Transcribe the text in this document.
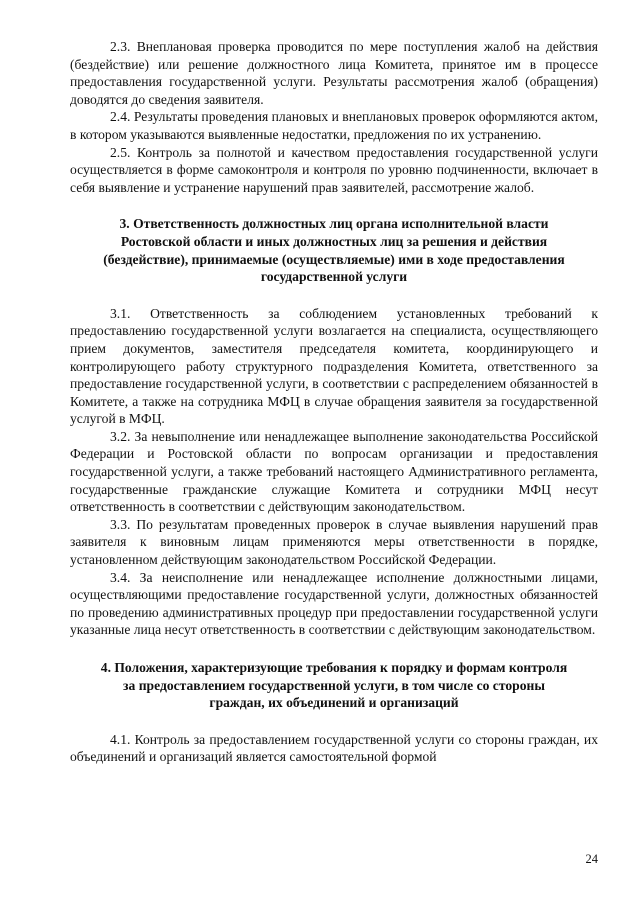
2.3. Внеплановая проверка проводится по мере поступления жалоб на действия (бездействие) или решение должностного лица Комитета, принятое им в процессе предоставления государственной услуги. Результаты рассмотрения жалоб (обращения) доводятся до сведения заявителя.

2.4. Результаты проведения плановых и внеплановых проверок оформляются актом, в котором указываются выявленные недостатки, предложения по их устранению.

2.5. Контроль за полнотой и качеством предоставления государственной услуги осуществляется в форме самоконтроля и контроля по уровню подчиненности, включает в себя выявление и устранение нарушений прав заявителей, рассмотрение жалоб.

3. Ответственность должностных лиц органа исполнительной власти
Ростовской области и иных должностных лиц за решения и действия
(бездействие), принимаемые (осуществляемые) ими в ходе предоставления
государственной услуги

3.1. Ответственность за соблюдением установленных требований к предоставлению государственной услуги возлагается на специалиста, осуществляющего прием документов, заместителя председателя комитета, координирующего и контролирующего работу структурного подразделения Комитета, ответственного за предоставление государственной услуги, в соответствии с распределением обязанностей в Комитете, а также на сотрудника МФЦ в случае обращения заявителя за государственной услугой в МФЦ.

3.2. За невыполнение или ненадлежащее выполнение законодательства Российской Федерации и Ростовской области по вопросам организации и предоставления государственной услуги, а также требований настоящего Административного регламента, государственные гражданские служащие Комитета и сотрудники МФЦ несут ответственность в соответствии с действующим законодательством.

3.3. По результатам проведенных проверок в случае выявления нарушений прав заявителя к виновным лицам применяются меры ответственности в порядке, установленном действующим законодательством Российской Федерации.

3.4. За неисполнение или ненадлежащее исполнение должностными лицами, осуществляющими предоставление государственной услуги, должностных обязанностей по проведению административных процедур при предоставлении государственной услуги указанные лица несут ответственность в соответствии с действующим законодательством.

4. Положения, характеризующие требования к порядку и формам контроля
за предоставлением государственной услуги, в том числе со стороны
граждан, их объединений и организаций

4.1. Контроль за предоставлением государственной услуги со стороны граждан, их объединений и организаций является самостоятельной формой

24
